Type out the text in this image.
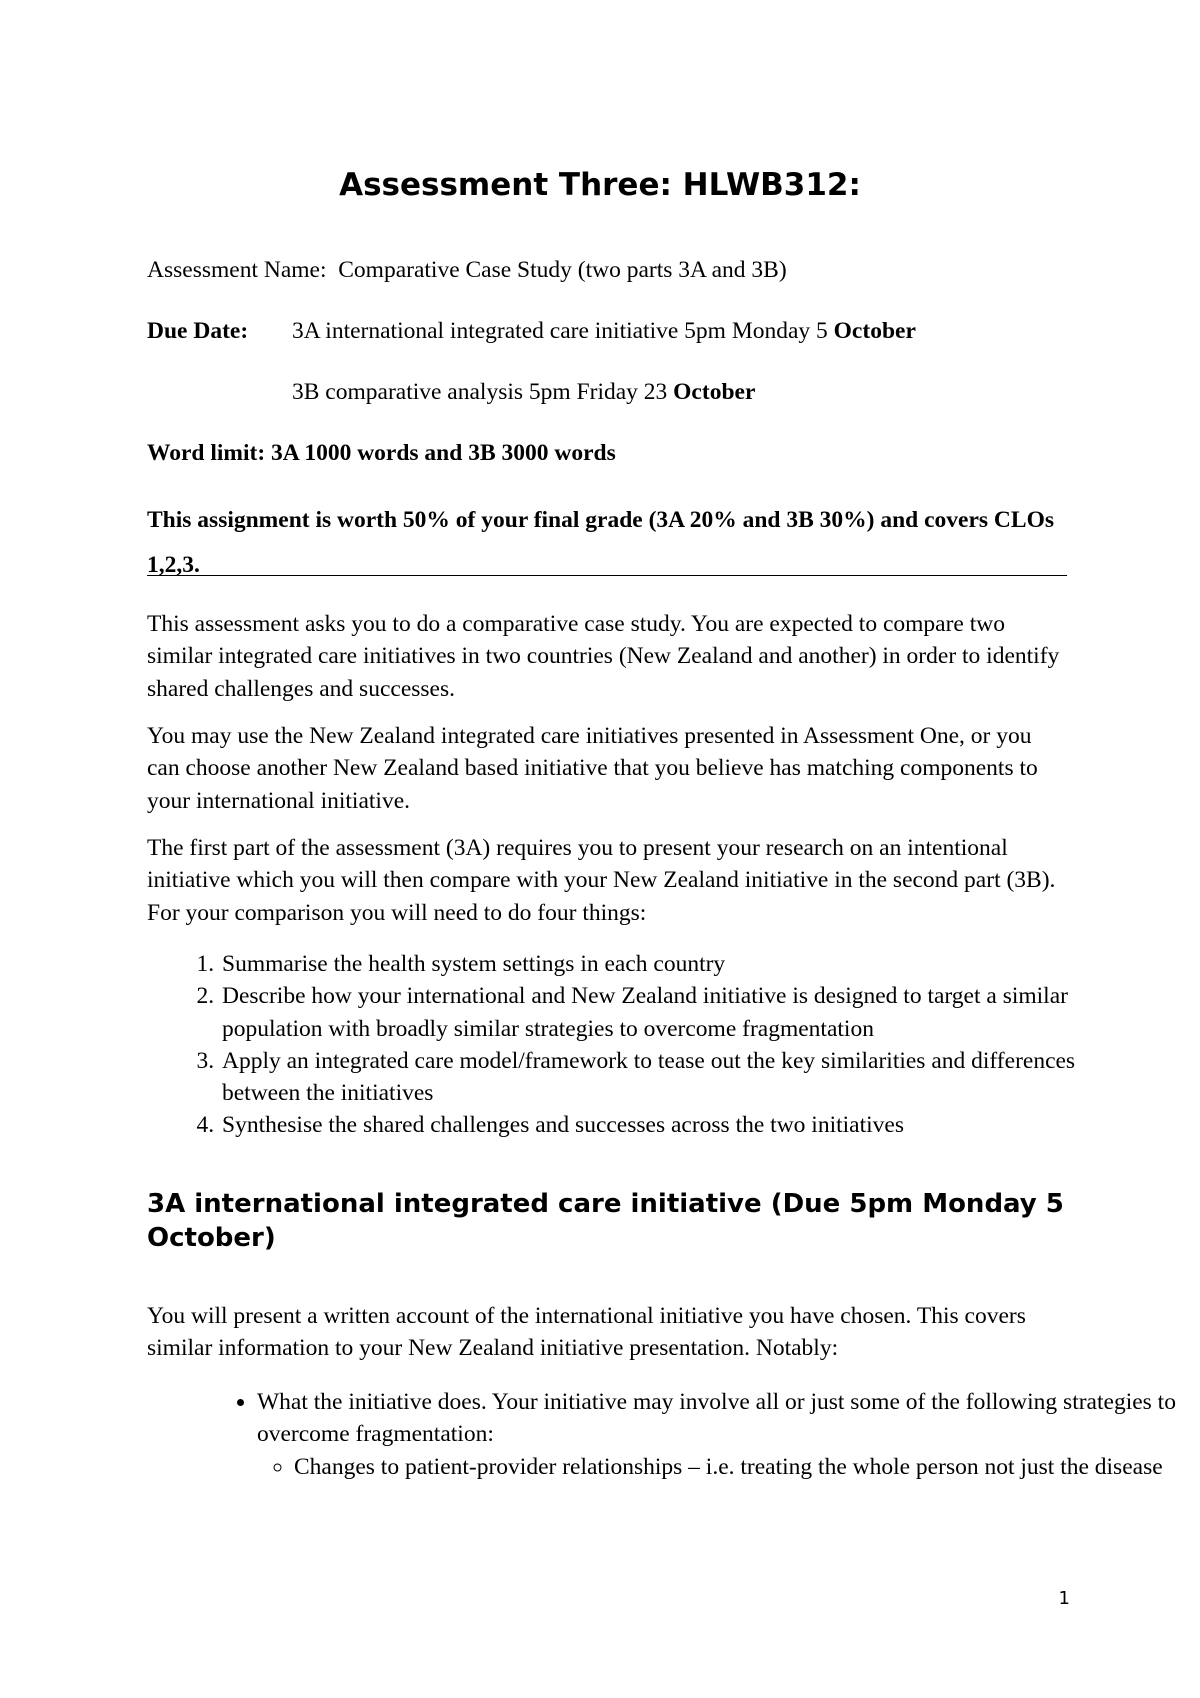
Assessment Three: HLWB312:

Assessment Name: Comparative Case Study (two parts 3A and 3B)

Due Date: 3A international integrated care initiative 5pm Monday 5 October

3B comparative analysis 5pm Friday 23 October

Word limit: 3A 1000 words and 3B 3000 words

This assignment is worth 50% of your final grade (3A 20% and 3B 30%) and covers CLOs 1,2,3.

This assessment asks you to do a comparative case study. You are expected to compare two similar integrated care initiatives in two countries (New Zealand and another) in order to identify shared challenges and successes.

You may use the New Zealand integrated care initiatives presented in Assessment One, or you can choose another New Zealand based initiative that you believe has matching components to your international initiative.

The first part of the assessment (3A) requires you to present your research on an intentional initiative which you will then compare with your New Zealand initiative in the second part (3B). For your comparison you will need to do four things:

1. Summarise the health system settings in each country
2. Describe how your international and New Zealand initiative is designed to target a similar population with broadly similar strategies to overcome fragmentation
3. Apply an integrated care model/framework to tease out the key similarities and differences between the initiatives
4. Synthesise the shared challenges and successes across the two initiatives
3A international integrated care initiative (Due 5pm Monday 5 October)

You will present a written account of the international initiative you have chosen. This covers similar information to your New Zealand initiative presentation. Notably:

• What the initiative does. Your initiative may involve all or just some of the following strategies to overcome fragmentation:
◦ Changes to patient-provider relationships – i.e. treating the whole person not just the disease
1
